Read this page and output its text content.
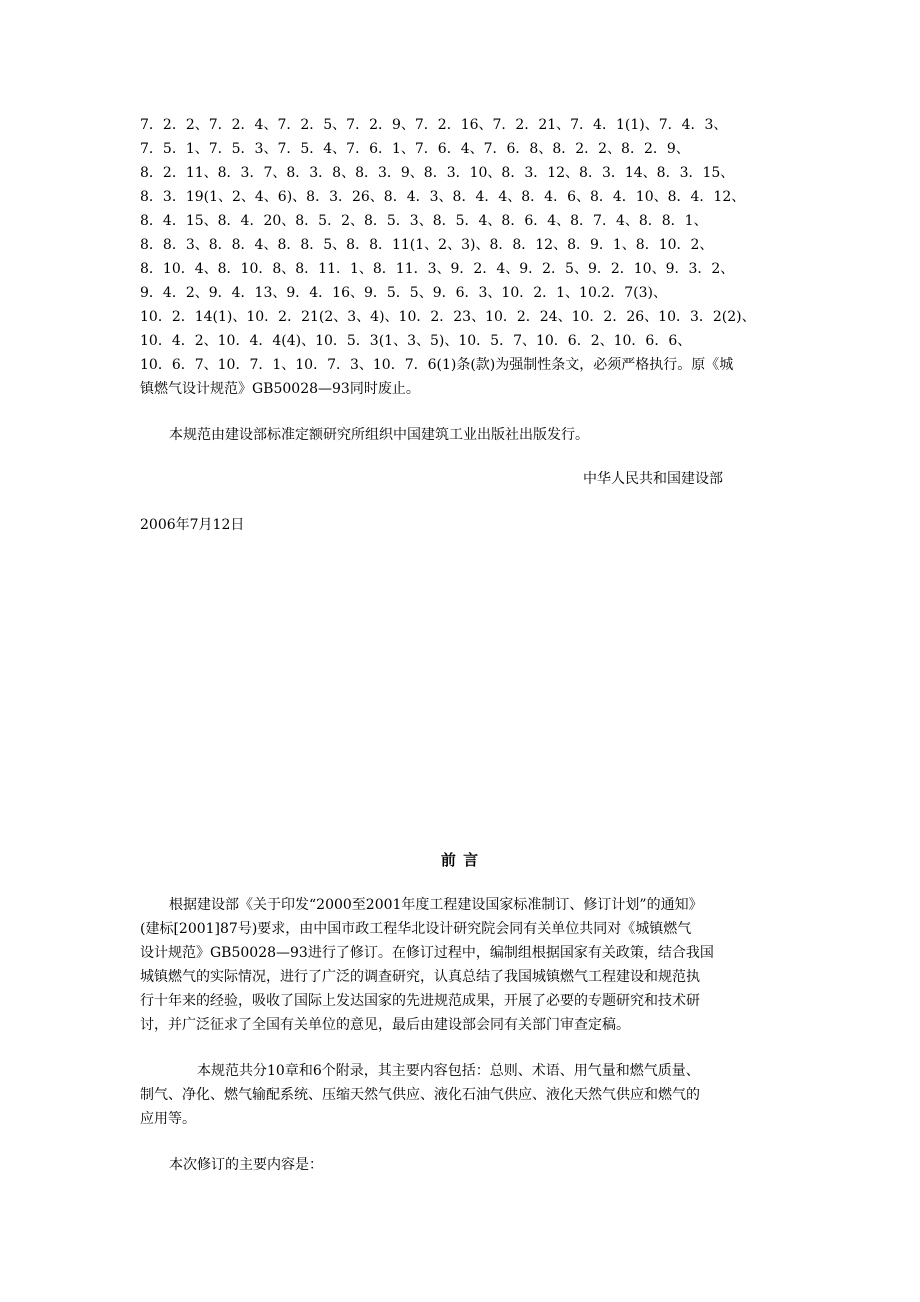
7．2．2、7．2．4、7．2．5、7．2．9、7．2．16、7．2．21、7．4．1(1)、7．4．3、
7．5．1、7．5．3、7．5．4、7．6．1、7．6．4、7．6．8、8．2．2、8．2．9、
8．2．11、8．3．7、8．3．8、8．3．9、8．3．10、8．3．12、8．3．14、8．3．15、
8．3．19(1、2、4、6)、8．3．26、8．4．3、8．4．4、8．4．6、8．4．10、8．4．12、
8．4．15、8．4．20、8．5．2、8．5．3、8．5．4、8．6．4、8．7．4、8．8．1、
8．8．3、8．8．4、8．8．5、8．8．11(1、2、3)、8．8．12、8．9．1、8．10．2、
8．10．4、8．10．8、8．11．1、8．11．3、9．2．4、9．2．5、9．2．10、9．3．2、
9．4．2、9．4．13、9．4．16、9．5．5、9．6．3、10．2．1、10.2．7(3)、
10．2．14(1)、10．2．21(2、3、4)、10．2．23、10．2．24、10．2．26、10．3．2(2)、
10．4．2、10．4．4(4)、10．5．3(1、3、5)、10．5．7、10．6．2、10．6．6、
10．6．7、10．7．1、10．7．3、10．7．6(1)条(款)为强制性条文，必须严格执行。原《城
镇燃气设计规范》GB50028—93同时废止。
本规范由建设部标准定额研究所组织中国建筑工业出版社出版发行。
中华人民共和国建设部
2006年7月12日
前 言
根据建设部《关于印发“2000至2001年度工程建设国家标准制订、修订计划”的通知》
(建标[2001]87号)要求，由中国市政工程华北设计研究院会同有关单位共同对《城镇燃气
设计规范》GB50028—93进行了修订。在修订过程中，编制组根据国家有关政策，结合我国
城镇燃气的实际情况，进行了广泛的调查研究，认真总结了我国城镇燃气工程建设和规范执
行十年来的经验，吸收了国际上发达国家的先进规范成果，开展了必要的专题研究和技术研
讨，并广泛征求了全国有关单位的意见，最后由建设部会同有关部门审查定稿。
本规范共分10章和6个附录，其主要内容包括：总则、术语、用气量和燃气质量、
制气、净化、燃气输配系统、压缩天然气供应、液化石油气供应、液化天然气供应和燃气的
应用等。
本次修订的主要内容是：
